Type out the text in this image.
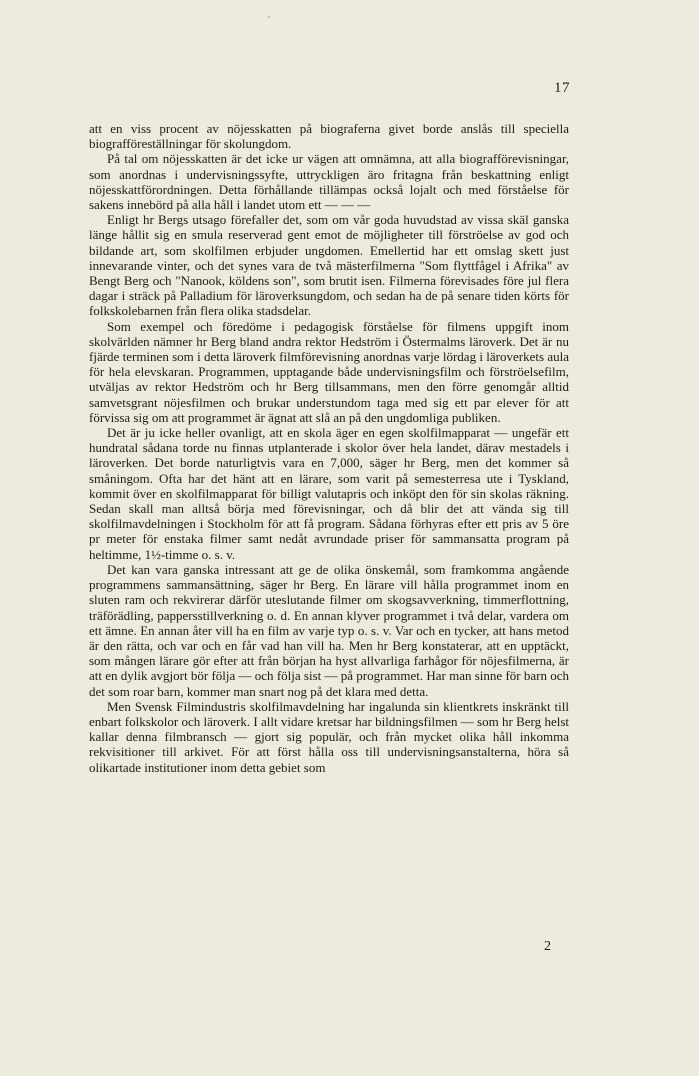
17

att en viss procent av nöjesskatten på biograferna givet borde anslås till speciella biografföreställningar för skolungdom.

På tal om nöjesskatten är det icke ur vägen att omnämna, att alla biografförevisningar, som anordnas i undervisningssyfte, uttryckligen äro fritagna från beskattning enligt nöjesskattförordningen. Detta förhållande tillämpas också lojalt och med förståelse för sakens innebörd på alla håll i landet utom ett — — —

Enligt hr Bergs utsago förefaller det, som om vår goda huvudstad av vissa skäl ganska länge hållit sig en smula reserverad gent emot de möjligheter till förströelse av god och bildande art, som skolfilmen erbjuder ungdomen. Emellertid har ett omslag skett just innevarande vinter, och det synes vara de två mästerfilmerna "Som flyttfågel i Afrika" av Bengt Berg och "Nanook, köldens son", som brutit isen. Filmerna förevisades före jul flera dagar i sträck på Palladium för läroverksungdom, och sedan ha de på senare tiden körts för folkskolebarnen från flera olika stadsdelar.

Som exempel och föredöme i pedagogisk förståelse för filmens uppgift inom skolvärlden nämner hr Berg bland andra rektor Hedström i Östermalms läroverk. Det är nu fjärde terminen som i detta läroverk filmförevisning anordnas varje lördag i läroverkets aula för hela elevskaran. Programmen, upptagande både undervisningsfilm och förströelsefilm, utväljas av rektor Hedström och hr Berg tillsammans, men den förre genomgår alltid samvetsgrant nöjesfilmen och brukar understundom taga med sig ett par elever för att förvissa sig om att programmet är ägnat att slå an på den ungdomliga publiken.

Det är ju icke heller ovanligt, att en skola äger en egen skolfilmapparat — ungefär ett hundratal sådana torde nu finnas utplanterade i skolor över hela landet, därav mestadels i läroverken. Det borde naturligtvis vara en 7,000, säger hr Berg, men det kommer så småningom. Ofta har det hänt att en lärare, som varit på semesterresa ute i Tyskland, kommit över en skolfilmapparat för billigt valutapris och inköpt den för sin skolas räkning. Sedan skall man alltså börja med förevisningar, och då blir det att vända sig till skolfilmavdelningen i Stockholm för att få program. Sådana förhyras efter ett pris av 5 öre pr meter för enstaka filmer samt nedåt avrundade priser för sammansatta program på heltimme, 1½-timme o. s. v.

Det kan vara ganska intressant att ge de olika önskemål, som framkomma angående programmens sammansättning, säger hr Berg. En lärare vill hålla programmet inom en sluten ram och rekvirerar därför uteslutande filmer om skogsavverkning, timmerflottning, träförädling, pappersstillverkning o. d. En annan klyver programmet i två delar, vardera om ett ämne. En annan åter vill ha en film av varje typ o. s. v. Var och en tycker, att hans metod är den rätta, och var och en får vad han vill ha. Men hr Berg konstaterar, att en upptäckt, som mången lärare gör efter att från början ha hyst allvarliga farhågor för nöjesfilmerna, är att en dylik avgjort bör följa — och följa sist — på programmet. Har man sinne för barn och det som roar barn, kommer man snart nog på det klara med detta.

Men Svensk Filmindustris skolfilmavdelning har ingalunda sin klientkrets inskränkt till enbart folkskolor och läroverk. I allt vidare kretsar har bildningsfilmen — som hr Berg helst kallar denna filmbransch — gjort sig populär, och från mycket olika håll inkomma rekvisitioner till arkivet. För att först hålla oss till undervisningsanstalterna, höra så olikartade institutioner inom detta gebiet som

2
